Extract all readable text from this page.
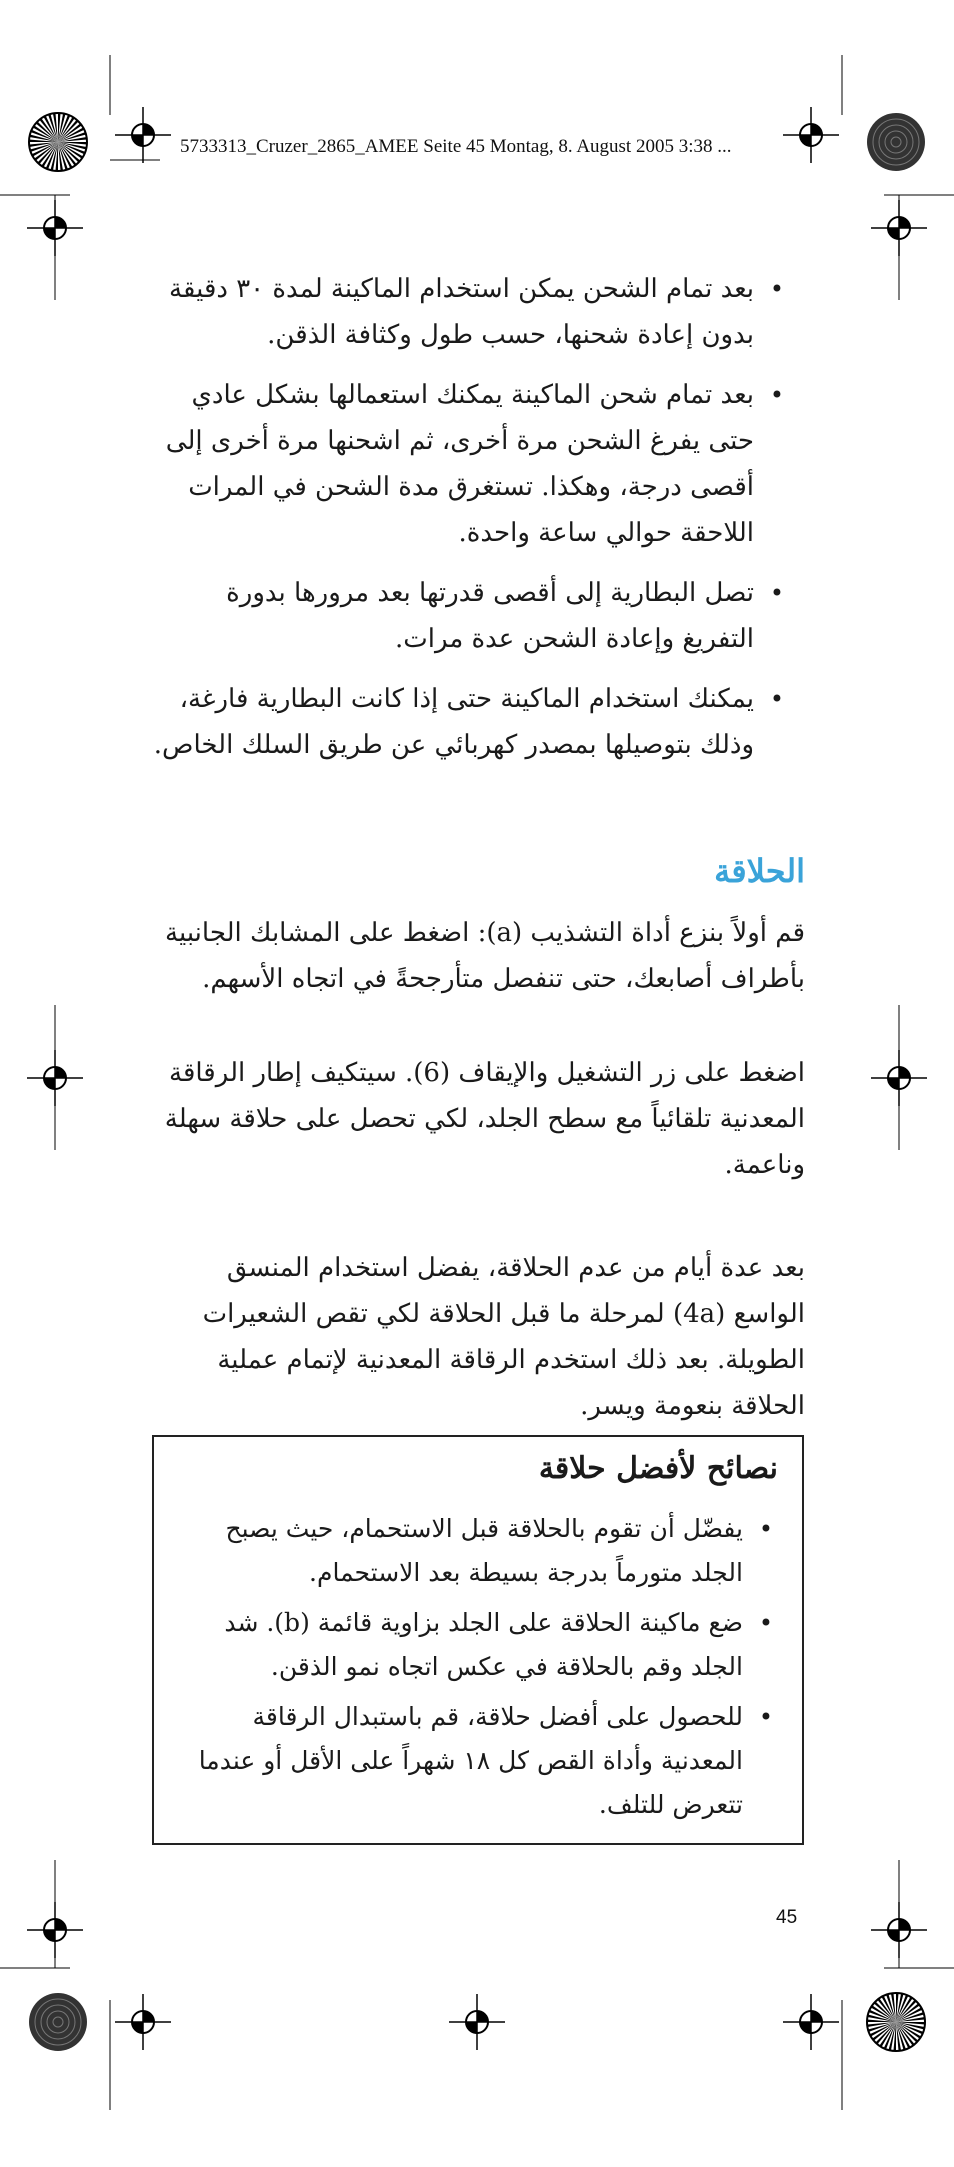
5733313_Cruzer_2865_AMEE Seite 45 Montag, 8. August 2005 3:38 ...
• بعد تمام الشحن يمكن استخدام الماكينة لمدة ٣٠ دقيقة بدون إعادة شحنها، حسب طول وكثافة الذقن.
• بعد تمام شحن الماكينة يمكنك استعمالها بشكل عادي حتى يفرغ الشحن مرة أخرى، ثم اشحنها مرة أخرى إلى أقصى درجة، وهكذا. تستغرق مدة الشحن في المرات اللاحقة حوالي ساعة واحدة.
• تصل البطارية إلى أقصى قدرتها بعد مرورها بدورة التفريغ وإعادة الشحن عدة مرات.
• يمكنك استخدام الماكينة حتى إذا كانت البطارية فارغة، وذلك بتوصيلها بمصدر كهربائي عن طريق السلك الخاص.
الحلاقة
قم أولاً بنزع أداة التشذيب (a): اضغط على المشابك الجانبية بأطراف أصابعك، حتى تنفصل متأرجحةً في اتجاه الأسهم.
اضغط على زر التشغيل والإيقاف (6). سيتكيف إطار الرقاقة المعدنية تلقائياً مع سطح الجلد، لكي تحصل على حلاقة سهلة وناعمة.
بعد عدة أيام من عدم الحلاقة، يفضل استخدام المنسق الواسع (4a) لمرحلة ما قبل الحلاقة لكي تقص الشعيرات الطويلة. بعد ذلك استخدم الرقاقة المعدنية لإتمام عملية الحلاقة بنعومة ويسر.
نصائح لأفضل حلاقة
• يفضّل أن تقوم بالحلاقة قبل الاستحمام، حيث يصبح الجلد متورماً بدرجة بسيطة بعد الاستحمام.
• ضع ماكينة الحلاقة على الجلد بزاوية قائمة (b). شد الجلد وقم بالحلاقة في عكس اتجاه نمو الذقن.
• للحصول على أفضل حلاقة، قم باستبدال الرقاقة المعدنية وأداة القص كل ١٨ شهراً على الأقل أو عندما تتعرض للتلف.
45
